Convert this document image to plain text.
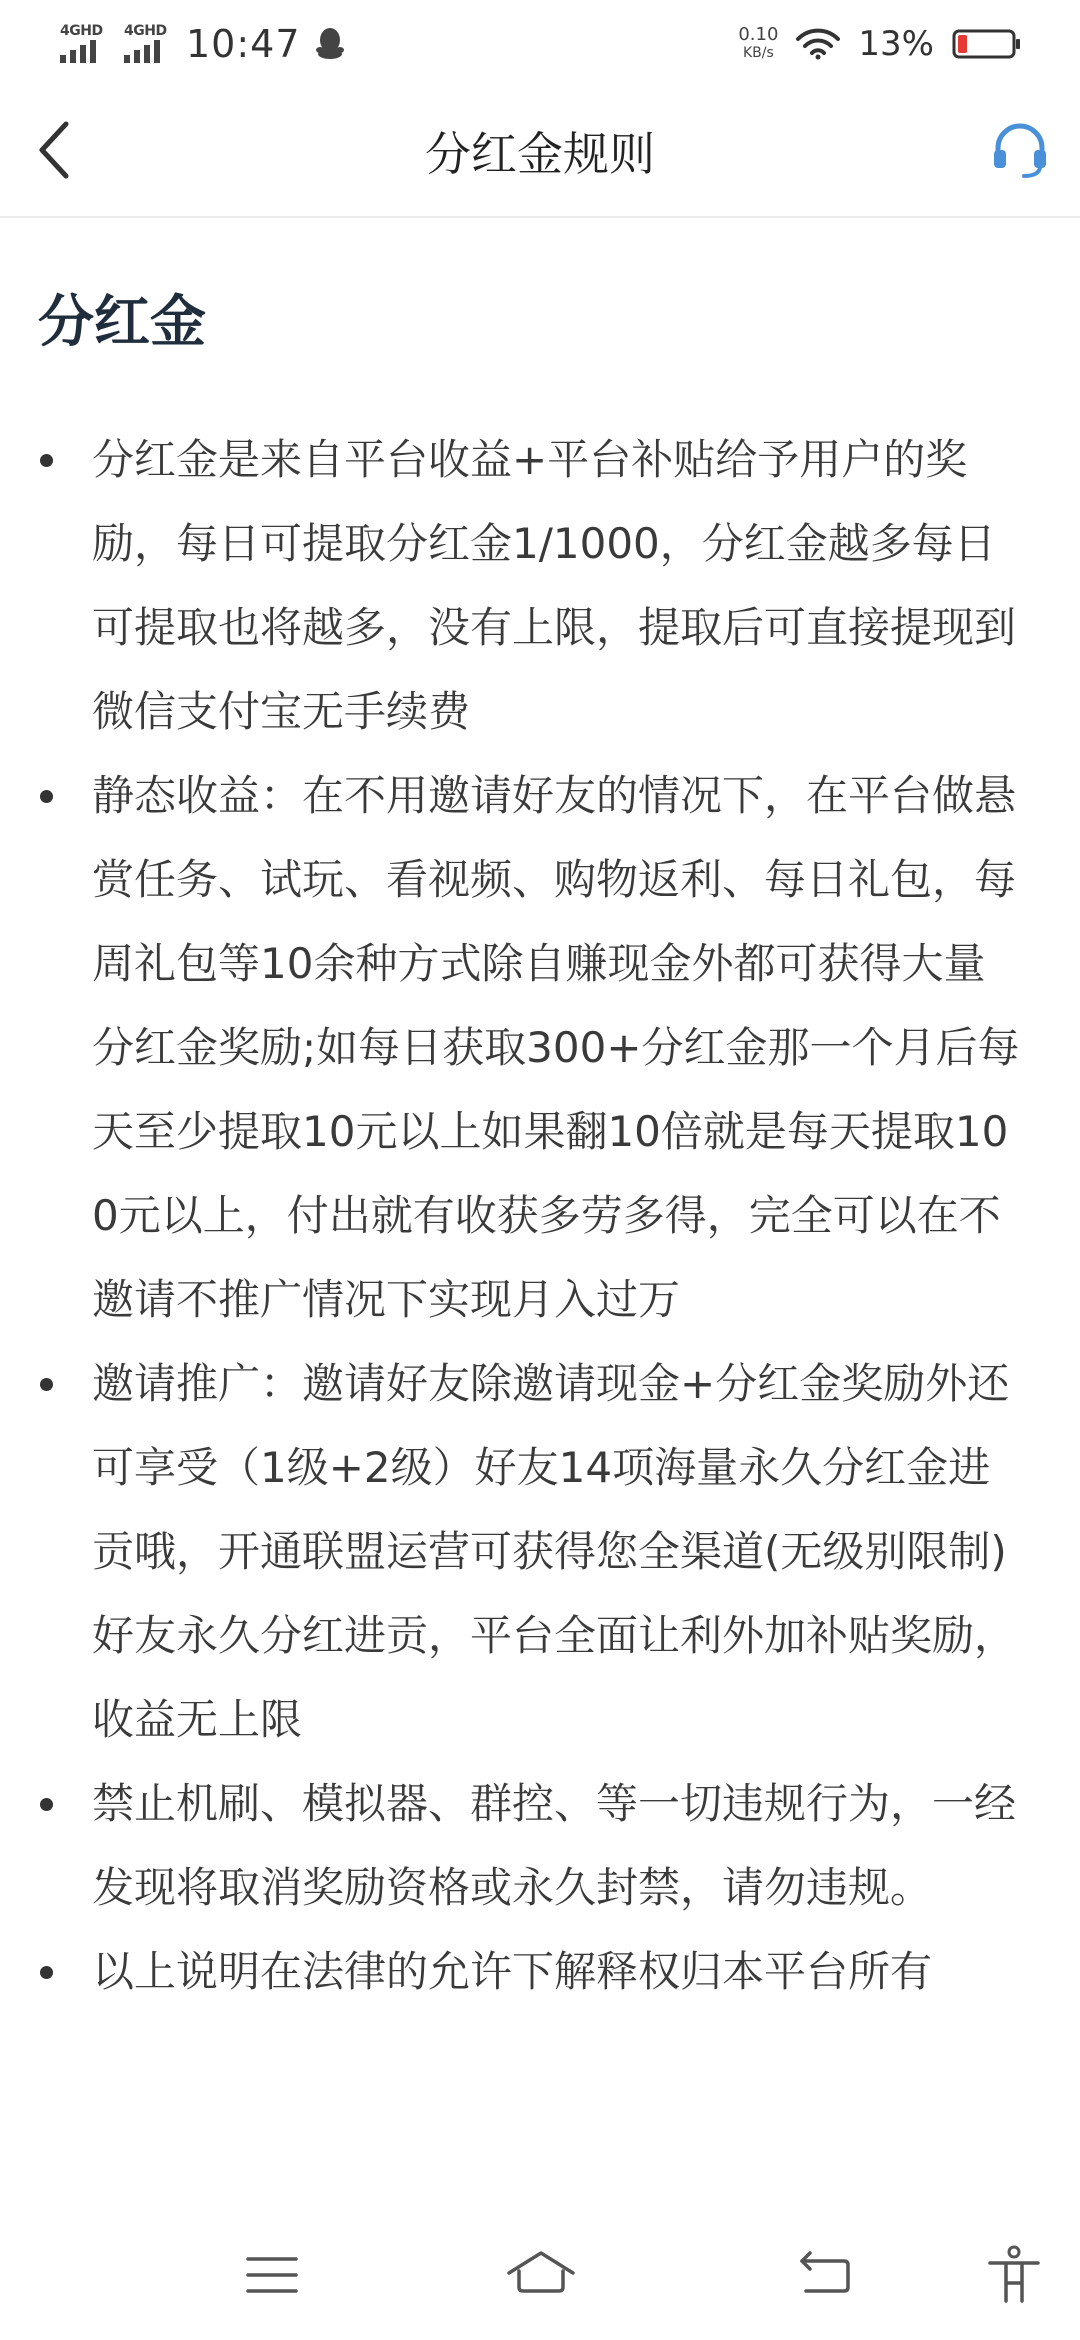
4GHD 4GHD 10:47	0.10
KB/s 13%
分红金规则
分红金
分红金是来自平台收益+平台补贴给予用户的奖励，每日可提取分红金1/1000，分红金越多每日可提取也将越多，没有上限，提取后可直接提现到微信支付宝无手续费
静态收益：在不用邀请好友的情况下，在平台做悬赏任务、试玩、看视频、购物返利、每日礼包，每周礼包等10余种方式除自赚现金外都可获得大量分红金奖励;如每日获取300+分红金那一个月后每天至少提取10元以上如果翻10倍就是每天提取100元以上，付出就有收获多劳多得，完全可以在不邀请不推广情况下实现月入过万
邀请推广：邀请好友除邀请现金+分红金奖励外还可享受（1级+2级）好友14项海量永久分红金进贡哦，开通联盟运营可获得您全渠道(无级别限制)好友永久分红进贡，平台全面让利外加补贴奖励，收益无上限
禁止机刷、模拟器、群控、等一切违规行为，一经发现将取消奖励资格或永久封禁，请勿违规。
以上说明在法律的允许下解释权归本平台所有
